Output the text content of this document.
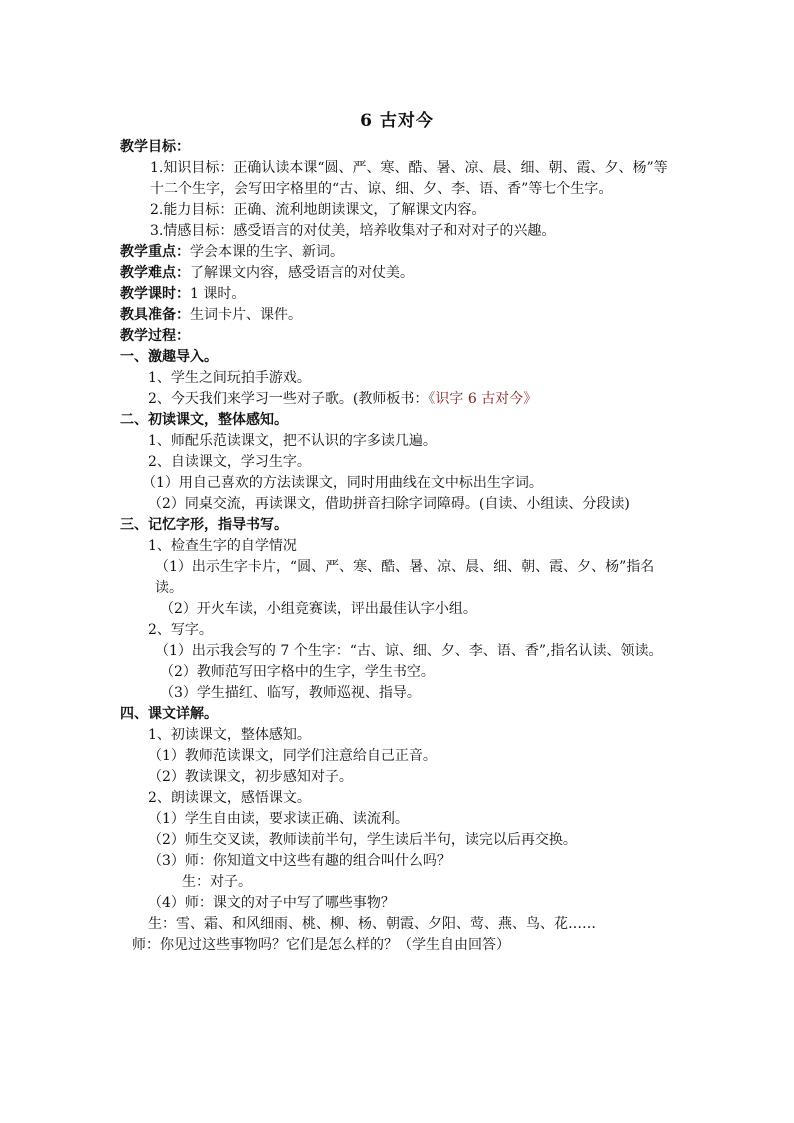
6 古对今
教学目标：
1.知识目标：正确认读本课“圆、严、寒、酷、暑、凉、晨、细、朝、霞、夕、杨”等十二个生字，会写田字格里的“古、谅、细、夕、李、语、香”等七个生字。
2.能力目标：正确、流利地朗读课文，了解课文内容。
3.情感目标：感受语言的对仗美，培养收集对子和对对子的兴趣。
教学重点：学会本课的生字、新词。
教学难点：了解课文内容，感受语言的对仗美。
教学课时：1 课时。
教具准备：生词卡片、课件。
教学过程：
一、激趣导入。
1、学生之间玩拍手游戏。
2、今天我们来学习一些对子歌。(教师板书：《识字 6 古对今》
二、初读课文，整体感知。
1、师配乐范读课文，把不认识的字多读几遍。
2、自读课文，学习生字。
（1）用自己喜欢的方法读课文，同时用曲线在文中标出生字词。
（2）同桌交流，再读课文，借助拼音扫除字词障碍。(自读、小组读、分段读)
三、记忆字形，指导书写。
1、检查生字的自学情况
（1）出示生字卡片，“圆、严、寒、酷、暑、凉、晨、细、朝、霞、夕、杨”指名读。
（2）开火车读，小组竞赛读，评出最佳认字小组。
2、写字。
（1）出示我会写的 7 个生字：“古、谅、细、夕、李、语、香”,指名认读、领读。
（2）教师范写田字格中的生字，学生书空。
（3）学生描红、临写，教师巡视、指导。
四、课文详解。
1、初读课文，整体感知。
（1）教师范读课文，同学们注意给自己正音。
（2）教读课文，初步感知对子。
2、朗读课文，感悟课文。
（1）学生自由读，要求读正确、读流利。
（2）师生交叉读，教师读前半句，学生读后半句，读完以后再交换。
（3）师：你知道文中这些有趣的组合叫什么吗？
生：对子。
（4）师：课文的对子中写了哪些事物？
生：雪、霜、和风细雨、桃、柳、杨、朝霞、夕阳、莺、燕、鸟、花……
师：你见过这些事物吗？它们是怎么样的？（学生自由回答）
